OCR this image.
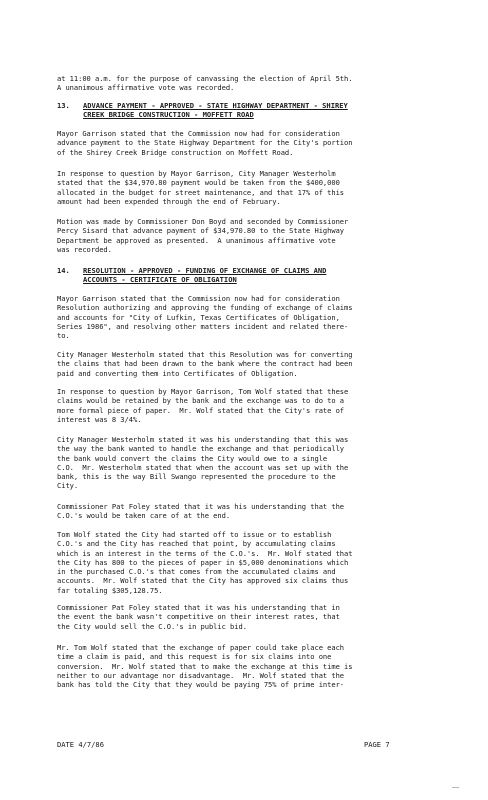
at 11:00 a.m. for the purpose of canvassing the election of April 5th.
A unanimous affirmative vote was recorded.
13. ADVANCE PAYMENT - APPROVED - STATE HIGHWAY DEPARTMENT - SHIREY
CREEK BRIDGE CONSTRUCTION - MOFFETT ROAD
Mayor Garrison stated that the Commission now had for consideration
advance payment to the State Highway Department for the City's portion
of the Shirey Creek Bridge construction on Moffett Road.
In response to question by Mayor Garrison, City Manager Westerholm
stated that the $34,970.80 payment would be taken from the $400,000
allocated in the budget for street maintenance, and that 17% of this
amount had been expended through the end of February.
Motion was made by Commissioner Don Boyd and seconded by Commissioner
Percy Sisard that advance payment of $34,970.80 to the State Highway
Department be approved as presented.  A unanimous affirmative vote
was recorded.
14. RESOLUTION - APPROVED - FUNDING OF EXCHANGE OF CLAIMS AND
ACCOUNTS - CERTIFICATE OF OBLIGATION
Mayor Garrison stated that the Commission now had for consideration
Resolution authorizing and approving the funding of exchange of claims
and accounts for "City of Lufkin, Texas Certificates of Obligation,
Series 1986", and resolving other matters incident and related there-
to.
City Manager Westerholm stated that this Resolution was for converting
the claims that had been drawn to the bank where the contract had been
paid and converting them into Certificates of Obligation.
In response to question by Mayor Garrison, Tom Wolf stated that these
claims would be retained by the bank and the exchange was to do to a
more formal piece of paper.  Mr. Wolf stated that the City's rate of
interest was 8 3/4%.
City Manager Westerholm stated it was his understanding that this was
the way the bank wanted to handle the exchange and that periodically
the bank would convert the claims the City would owe to a single
C.O.  Mr. Westerholm stated that when the account was set up with the
bank, this is the way Bill Swango represented the procedure to the
City.
Commissioner Pat Foley stated that it was his understanding that the
C.O.'s would be taken care of at the end.
Tom Wolf stated the City had started off to issue or to establish
C.O.'s and the City has reached that point, by accumulating claims
which is an interest in the terms of the C.O.'s.  Mr. Wolf stated that
the City has 800 to the pieces of paper in $5,000 denominations which
in the purchased C.O.'s that comes from the accumulated claims and
accounts.  Mr. Wolf stated that the City has approved six claims thus
far totaling $305,128.75.
Commissioner Pat Foley stated that it was his understanding that in
the event the bank wasn't competitive on their interest rates, that
the City would sell the C.O.'s in public bid.
Mr. Tom Wolf stated that the exchange of paper could take place each
time a claim is paid, and this request is for six claims into one
conversion.  Mr. Wolf stated that to make the exchange at this time is
neither to our advantage nor disadvantage.  Mr. Wolf stated that the
bank has told the City that they would be paying 75% of prime inter-
DATE 4/7/86	PAGE 7
‒‒
